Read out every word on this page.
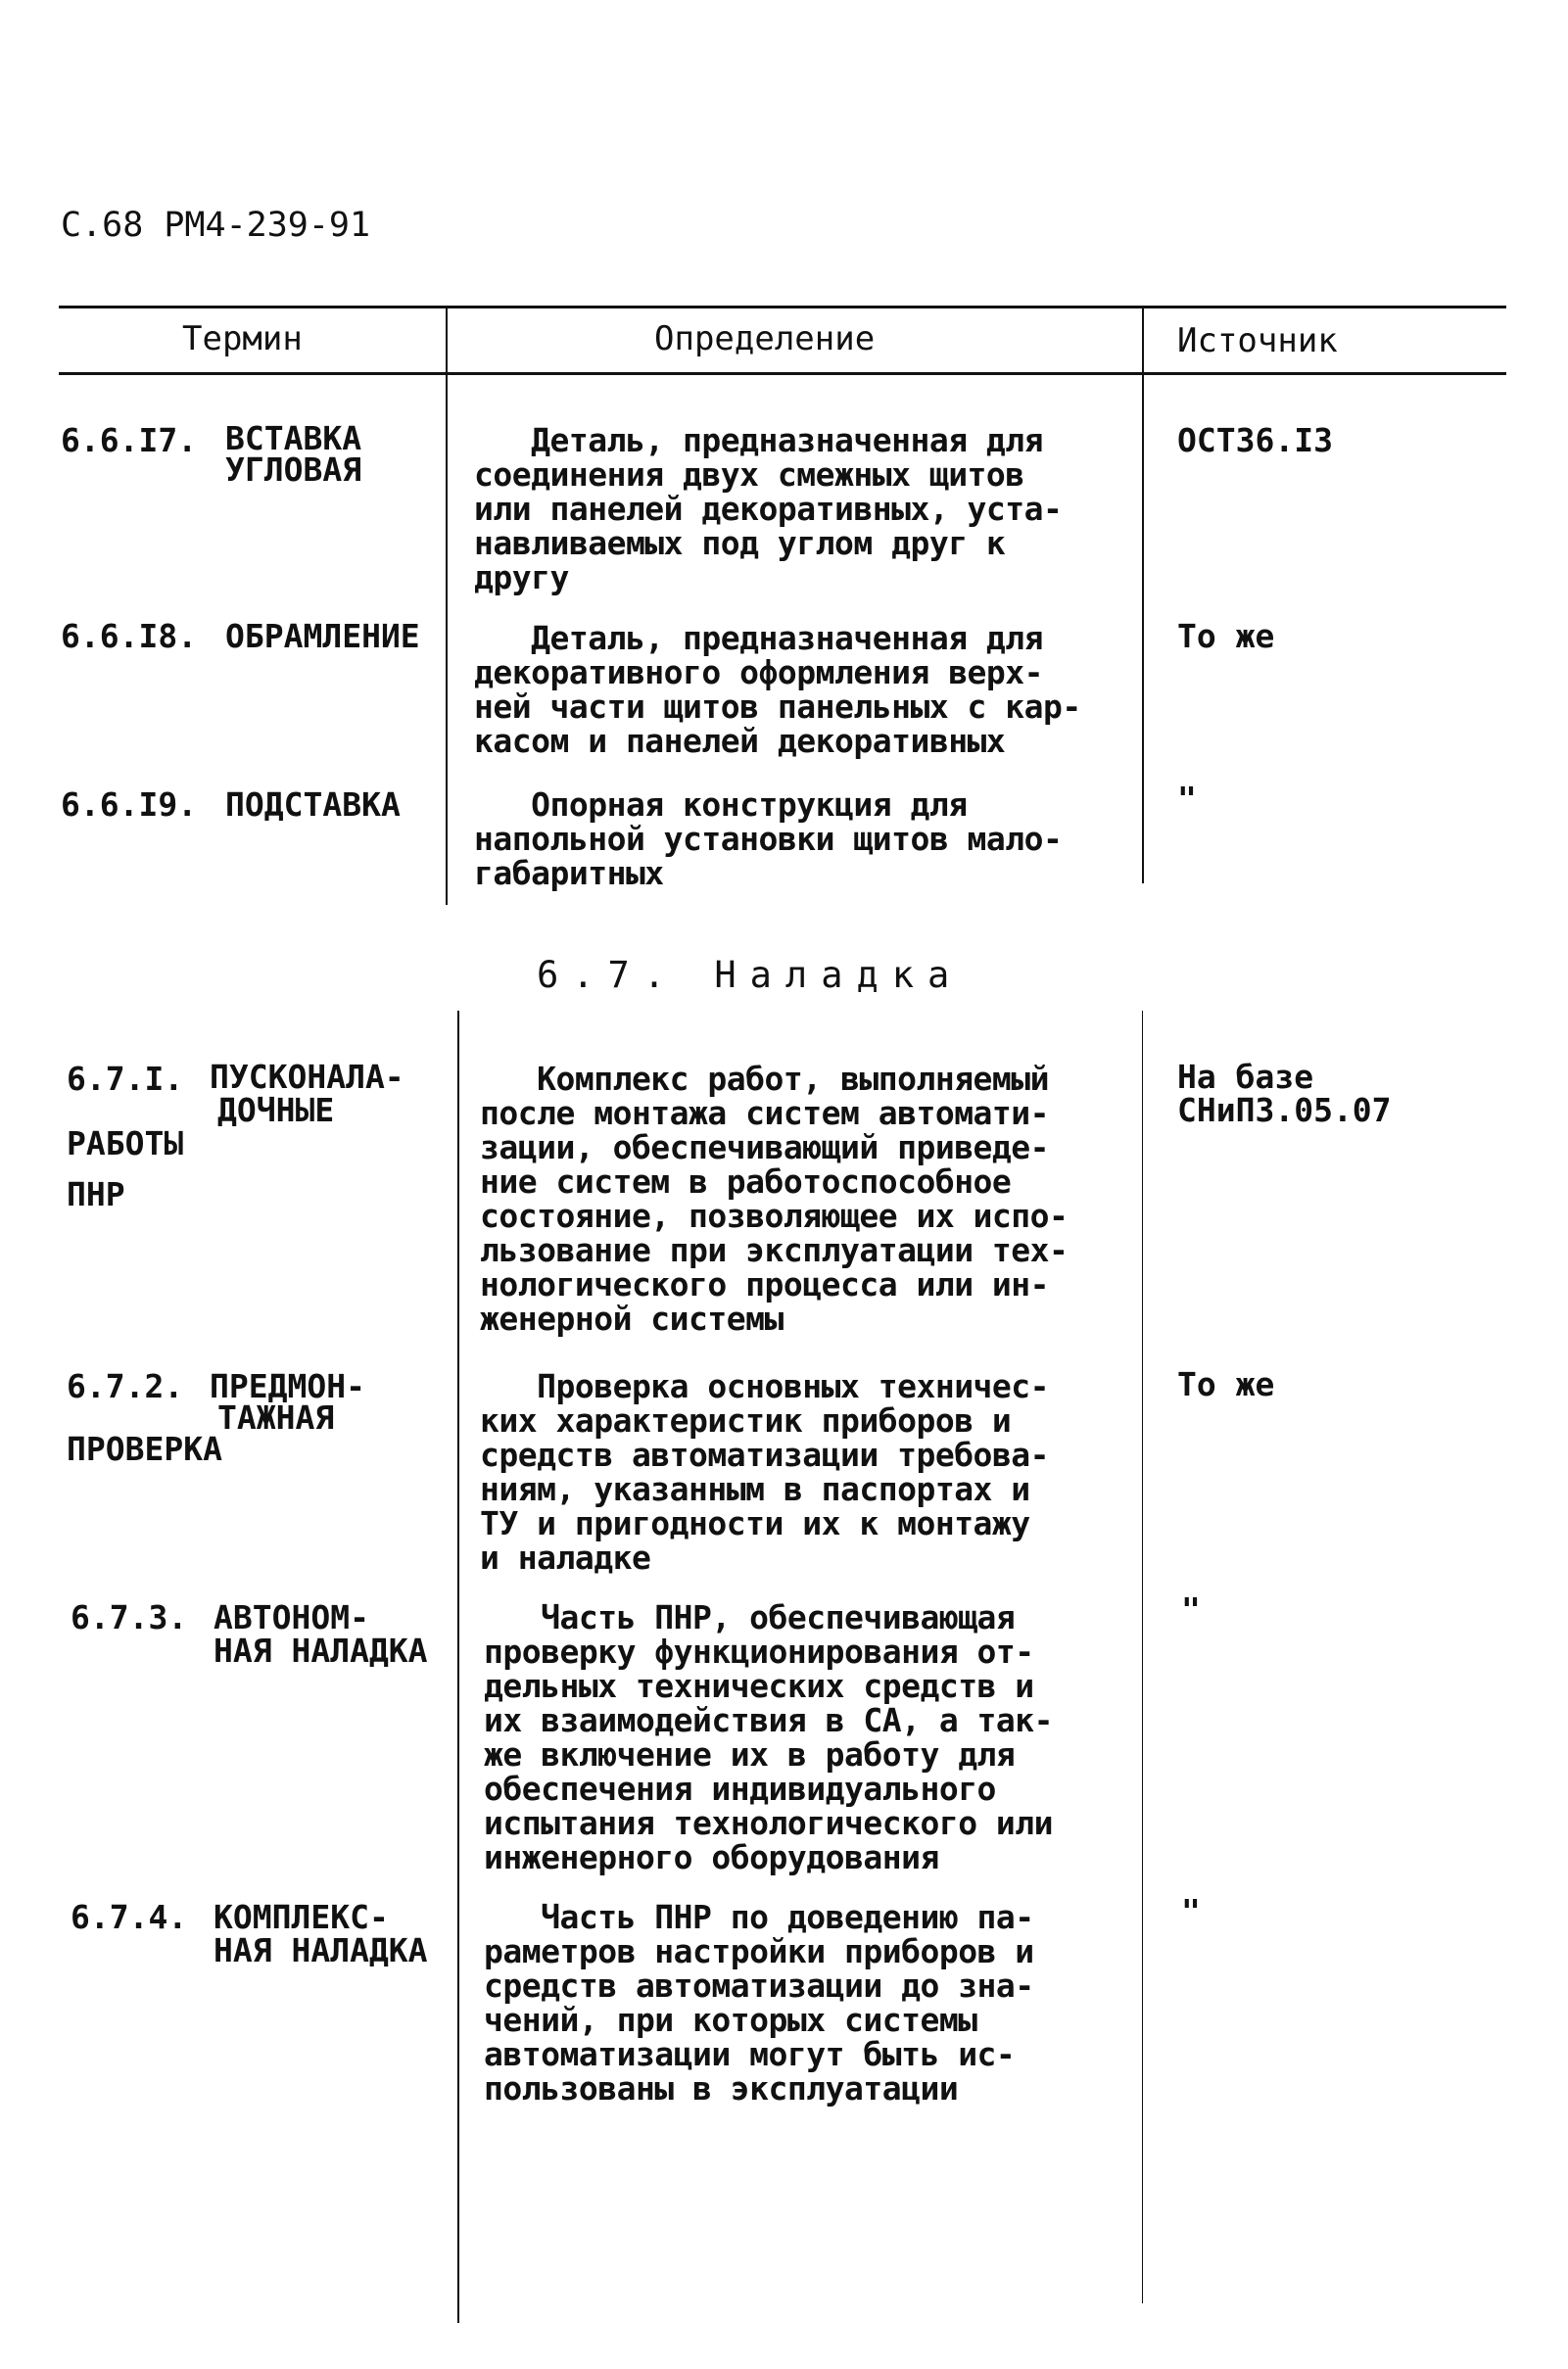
С.68 РМ4-239-91
Термин	Определение	Источник
6.6.I7. ВСТАВКА
УГЛОВАЯ
Деталь, предназначенная для
соединения двух смежных щитов
или панелей декоративных, уста-
навливаемых под углом друг к
другу
ОСТ36.I3
6.6.I8. ОБРАМЛЕНИЕ Деталь, предназначенная для
декоративного оформления верх-
ней части щитов панельных с кар-
касом и панелей декоративных
То же
6.6.I9. ПОДСТАВКА Опорная конструкция для
напольной установки щитов мало-
габаритных
"
6.7. Наладка
6.7.I. ПУСКОНАЛА-
ДОЧНЫЕ
РАБОТЫ
ПНР
Комплекс работ, выполняемый
после монтажа систем автомати-
зации, обеспечивающий приведе-
ние систем в работоспособное
состояние, позволяющее их испо-
льзование при эксплуатации тех-
нологического процесса или ин-
женерной системы
На базе
СНиП3.05.07
6.7.2. ПРЕДМОН-
ТАЖНАЯ
ПРОВЕРКА
Проверка основных техничес-
ких характеристик приборов и
средств автоматизации требова-
ниям, указанным в паспортах и
ТУ и пригодности их к монтажу
и наладке
То же
6.7.3. АВТОНОМ-
НАЯ НАЛАДКА
Часть ПНР, обеспечивающая
проверку функционирования от-
дельных технических средств и
их взаимодействия в СА, а так-
же включение их в работу для
обеспечения индивидуального
испытания технологического или
инженерного оборудования
"
6.7.4. КОМПЛЕКС-
НАЯ НАЛАДКА
Часть ПНР по доведению па-
раметров настройки приборов и
средств автоматизации до зна-
чений, при которых системы
автоматизации могут быть ис-
пользованы в эксплуатации
"
